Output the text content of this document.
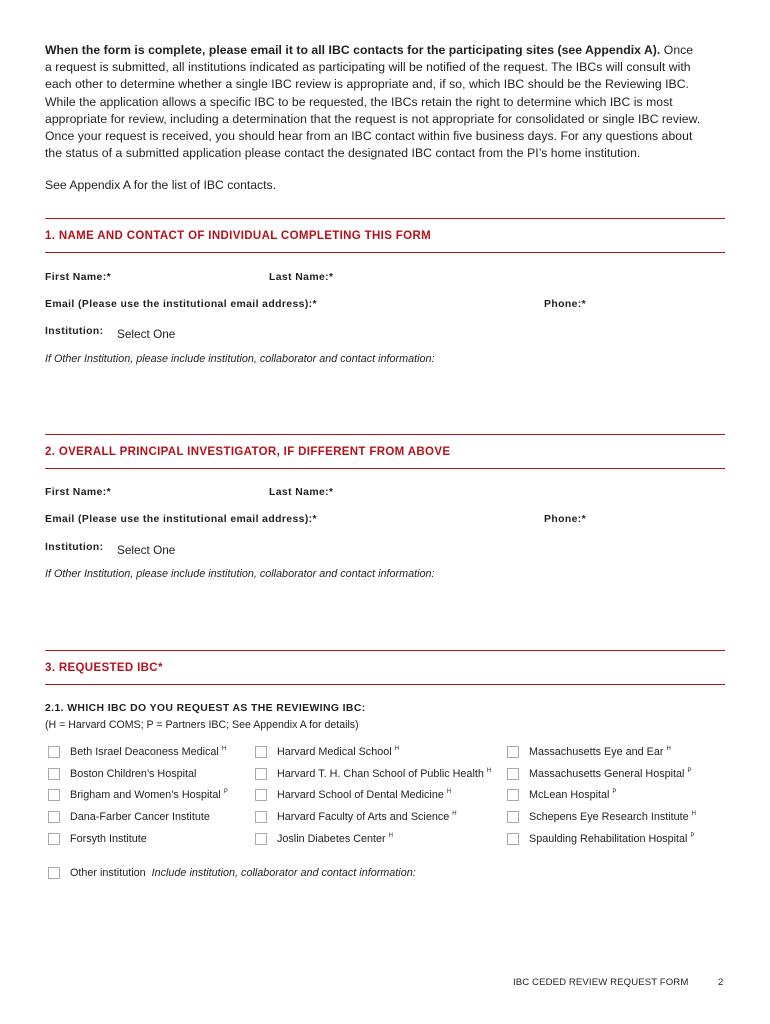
When the form is complete, please email it to all IBC contacts for the participating sites (see Appendix A). Once
a request is submitted, all institutions indicated as participating will be notified of the request. The IBCs will consult with
each other to determine whether a single IBC review is appropriate and, if so, which IBC should be the Reviewing IBC.
While the application allows a specific IBC to be requested, the IBCs retain the right to determine which IBC is most
appropriate for review, including a determination that the request is not appropriate for consolidated or single IBC review.
Once your request is received, you should hear from an IBC contact within five business days. For any questions about
the status of a submitted application please contact the designated IBC contact from the PI’s home institution.
See Appendix A for the list of IBC contacts.
1. NAME AND CONTACT OF INDIVIDUAL COMPLETING THIS FORM
First Name:*	Last Name:*
Email (Please use the institutional email address):*	Phone:*
Institution: Select One
If Other Institution, please include institution, collaborator and contact information:
2. OVERALL PRINCIPAL INVESTIGATOR, IF DIFFERENT FROM ABOVE
First Name:*	Last Name:*
Email (Please use the institutional email address):*	Phone:*
Institution: Select One
If Other Institution, please include institution, collaborator and contact information:
3. REQUESTED IBC*
2.1. WHICH IBC DO YOU REQUEST AS THE REVIEWING IBC:
(H = Harvard COMS; P = Partners IBC; See Appendix A for details)
Beth Israel Deaconess Medical $^H$
Boston Children’s Hospital
Brigham and Women’s Hospital $^P$
Dana-Farber Cancer Institute
Forsyth Institute
Harvard Medical School $^H$
Harvard T. H. Chan School of Public Health $^H$
Harvard School of Dental Medicine $^H$
Harvard Faculty of Arts and Science $^H$
Joslin Diabetes Center $^H$
Massachusetts Eye and Ear $^H$
Massachusetts General Hospital $^P$
McLean Hospital $^P$
Schepens Eye Research Institute $^H$
Spaulding Rehabilitation Hospital $^P$
Other institution Include institution, collaborator and contact information:
IBC CEDED REVIEW REQUEST FORM	2
